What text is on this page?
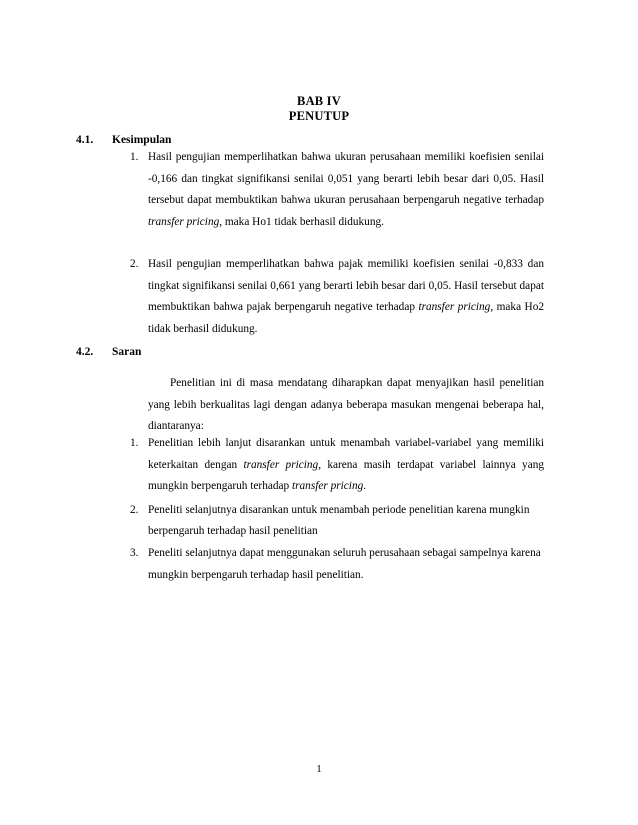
BAB IV
PENUTUP
4.1. Kesimpulan
1. Hasil pengujian memperlihatkan bahwa ukuran perusahaan memiliki koefisien senilai -0,166 dan tingkat signifikansi senilai 0,051 yang berarti lebih besar dari 0,05. Hasil tersebut dapat membuktikan bahwa ukuran perusahaan berpengaruh negative terhadap transfer pricing, maka Ho1 tidak berhasil didukung.
2. Hasil pengujian memperlihatkan bahwa pajak memiliki koefisien senilai -0,833 dan tingkat signifikansi senilai 0,661 yang berarti lebih besar dari 0,05. Hasil tersebut dapat membuktikan bahwa pajak berpengaruh negative terhadap transfer pricing, maka Ho2 tidak berhasil didukung.
4.2. Saran
Penelitian ini di masa mendatang diharapkan dapat menyajikan hasil penelitian yang lebih berkualitas lagi dengan adanya beberapa masukan mengenai beberapa hal, diantaranya:
1. Penelitian lebih lanjut disarankan untuk menambah variabel-variabel yang memiliki keterkaitan dengan transfer pricing, karena masih terdapat variabel lainnya yang mungkin berpengaruh terhadap transfer pricing.
2. Peneliti selanjutnya disarankan untuk menambah periode penelitian karena mungkin berpengaruh terhadap hasil penelitian
3. Peneliti selanjutnya dapat menggunakan seluruh perusahaan sebagai sampelnya karena mungkin berpengaruh terhadap hasil penelitian.
1
